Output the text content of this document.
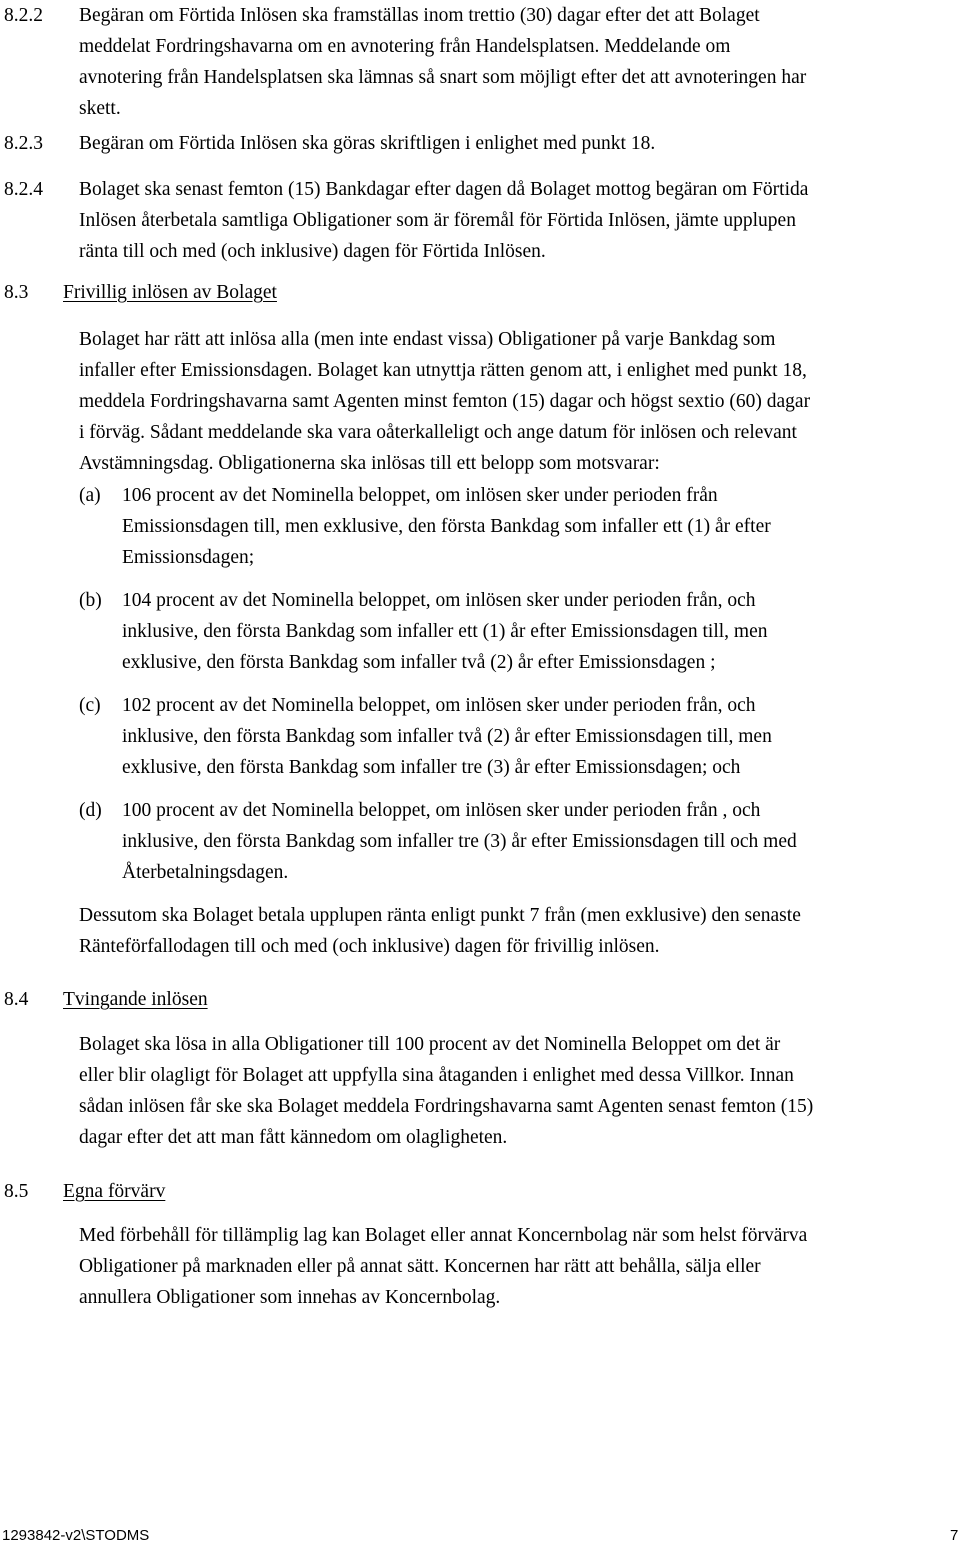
8.2.2 Begäran om Förtida Inlösen ska framställas inom trettio (30) dagar efter det att Bolaget
meddelat Fordringshavarna om en avnotering från Handelsplatsen. Meddelande om
avnotering från Handelsplatsen ska lämnas så snart som möjligt efter det att avnoteringen har
skett.
8.2.3 Begäran om Förtida Inlösen ska göras skriftligen i enlighet med punkt 18.
8.2.4 Bolaget ska senast femton (15) Bankdagar efter dagen då Bolaget mottog begäran om Förtida
Inlösen återbetala samtliga Obligationer som är föremål för Förtida Inlösen, jämte upplupen
ränta till och med (och inklusive) dagen för Förtida Inlösen.
8.3 Frivillig inlösen av Bolaget
Bolaget har rätt att inlösa alla (men inte endast vissa) Obligationer på varje Bankdag som
infaller efter Emissionsdagen. Bolaget kan utnyttja rätten genom att, i enlighet med punkt 18,
meddela Fordringshavarna samt Agenten minst femton (15) dagar och högst sextio (60) dagar
i förväg. Sådant meddelande ska vara oåterkalleligt och ange datum för inlösen och relevant
Avstämningsdag. Obligationerna ska inlösas till ett belopp som motsvarar:
(a) 106 procent av det Nominella beloppet, om inlösen sker under perioden från
Emissionsdagen till, men exklusive, den första Bankdag som infaller ett (1) år efter
Emissionsdagen;
(b) 104 procent av det Nominella beloppet, om inlösen sker under perioden från, och
inklusive, den första Bankdag som infaller ett (1) år efter Emissionsdagen till, men
exklusive, den första Bankdag som infaller två (2) år efter Emissionsdagen ;
(c) 102 procent av det Nominella beloppet, om inlösen sker under perioden från, och
inklusive, den första Bankdag som infaller två (2) år efter Emissionsdagen till, men
exklusive, den första Bankdag som infaller tre (3) år efter Emissionsdagen; och
(d) 100 procent av det Nominella beloppet, om inlösen sker under perioden från , och
inklusive, den första Bankdag som infaller tre (3) år efter Emissionsdagen till och med
Återbetalningsdagen.
Dessutom ska Bolaget betala upplupen ränta enligt punkt 7 från (men exklusive) den senaste
Ränteförfallodagen till och med (och inklusive) dagen för frivillig inlösen.
8.4 Tvingande inlösen
Bolaget ska lösa in alla Obligationer till 100 procent av det Nominella Beloppet om det är
eller blir olagligt för Bolaget att uppfylla sina åtaganden i enlighet med dessa Villkor. Innan
sådan inlösen får ske ska Bolaget meddela Fordringshavarna samt Agenten senast femton (15)
dagar efter det att man fått kännedom om olagligheten.
8.5 Egna förvärv
Med förbehåll för tillämplig lag kan Bolaget eller annat Koncernbolag när som helst förvärva
Obligationer på marknaden eller på annat sätt. Koncernen har rätt att behålla, sälja eller
annullera Obligationer som innehas av Koncernbolag.
1293842-v2\STODMS	7
